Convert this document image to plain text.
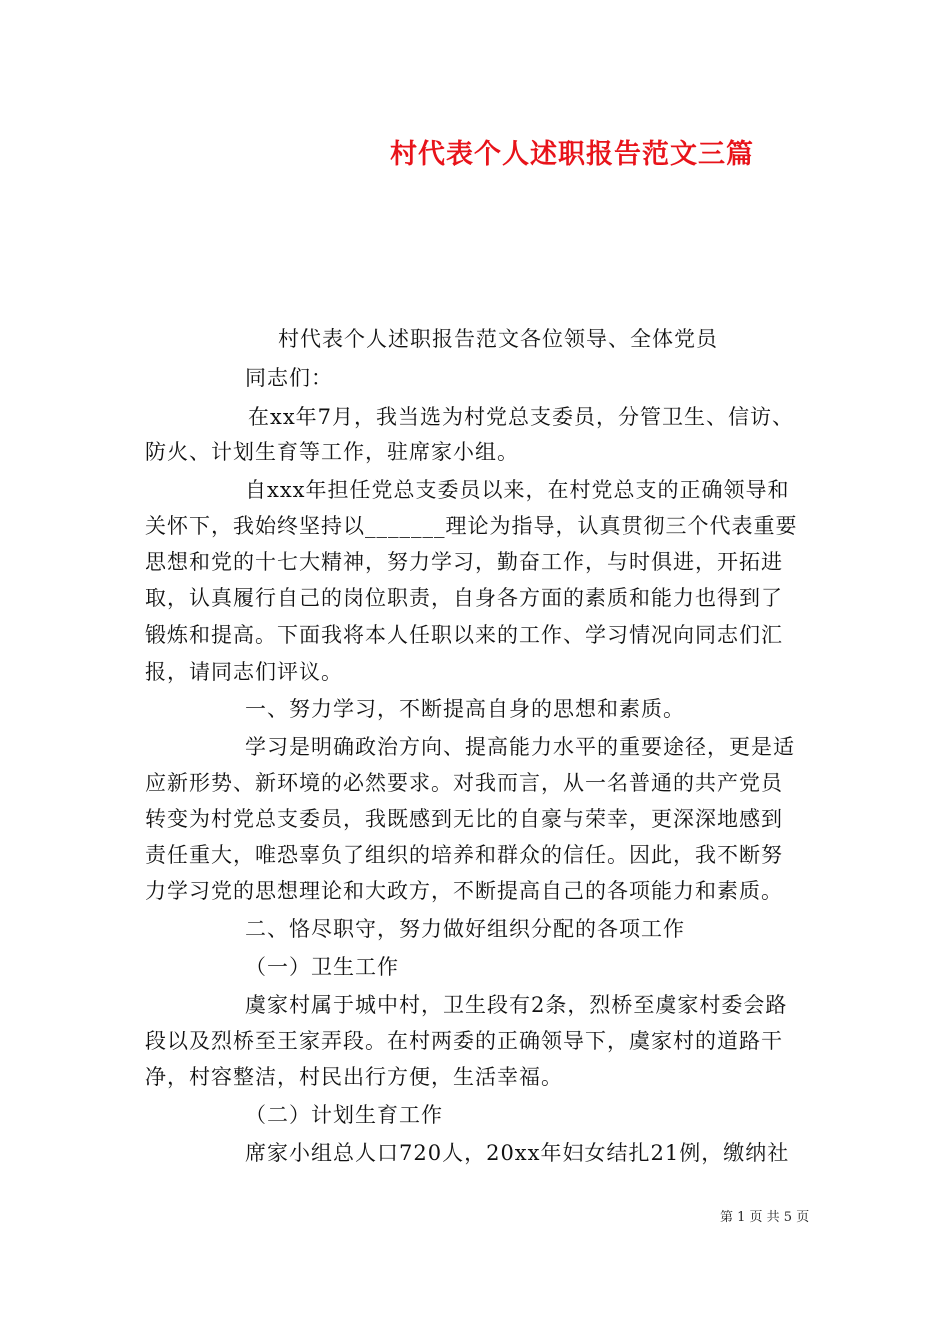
村代表个人述职报告范文三篇
村代表个人述职报告范文各位领导、全体党员
同志们：
在xx年7月，我当选为村党总支委员，分管卫生、信访、
防火、计划生育等工作，驻席家小组。
自xxx年担任党总支委员以来，在村党总支的正确领导和
关怀下，我始终坚持以_______理论为指导，认真贯彻三个代表重要
思想和党的十七大精神，努力学习，勤奋工作，与时俱进，开拓进
取，认真履行自己的岗位职责，自身各方面的素质和能力也得到了
锻炼和提高。下面我将本人任职以来的工作、学习情况向同志们汇
报，请同志们评议。
一、努力学习，不断提高自身的思想和素质。
学习是明确政治方向、提高能力水平的重要途径，更是适
应新形势、新环境的必然要求。对我而言，从一名普通的共产党员
转变为村党总支委员，我既感到无比的自豪与荣幸，更深深地感到
责任重大，唯恐辜负了组织的培养和群众的信任。因此，我不断努
力学习党的思想理论和大政方，不断提高自己的各项能力和素质。
二、恪尽职守，努力做好组织分配的各项工作
（一）卫生工作
虞家村属于城中村，卫生段有2条，烈桥至虞家村委会路
段以及烈桥至王家弄段。在村两委的正确领导下，虞家村的道路干
净，村容整洁，村民出行方便，生活幸福。
（二）计划生育工作
席家小组总人口720人，20xx年妇女结扎21例，缴纳社
第 1 页 共 5 页
